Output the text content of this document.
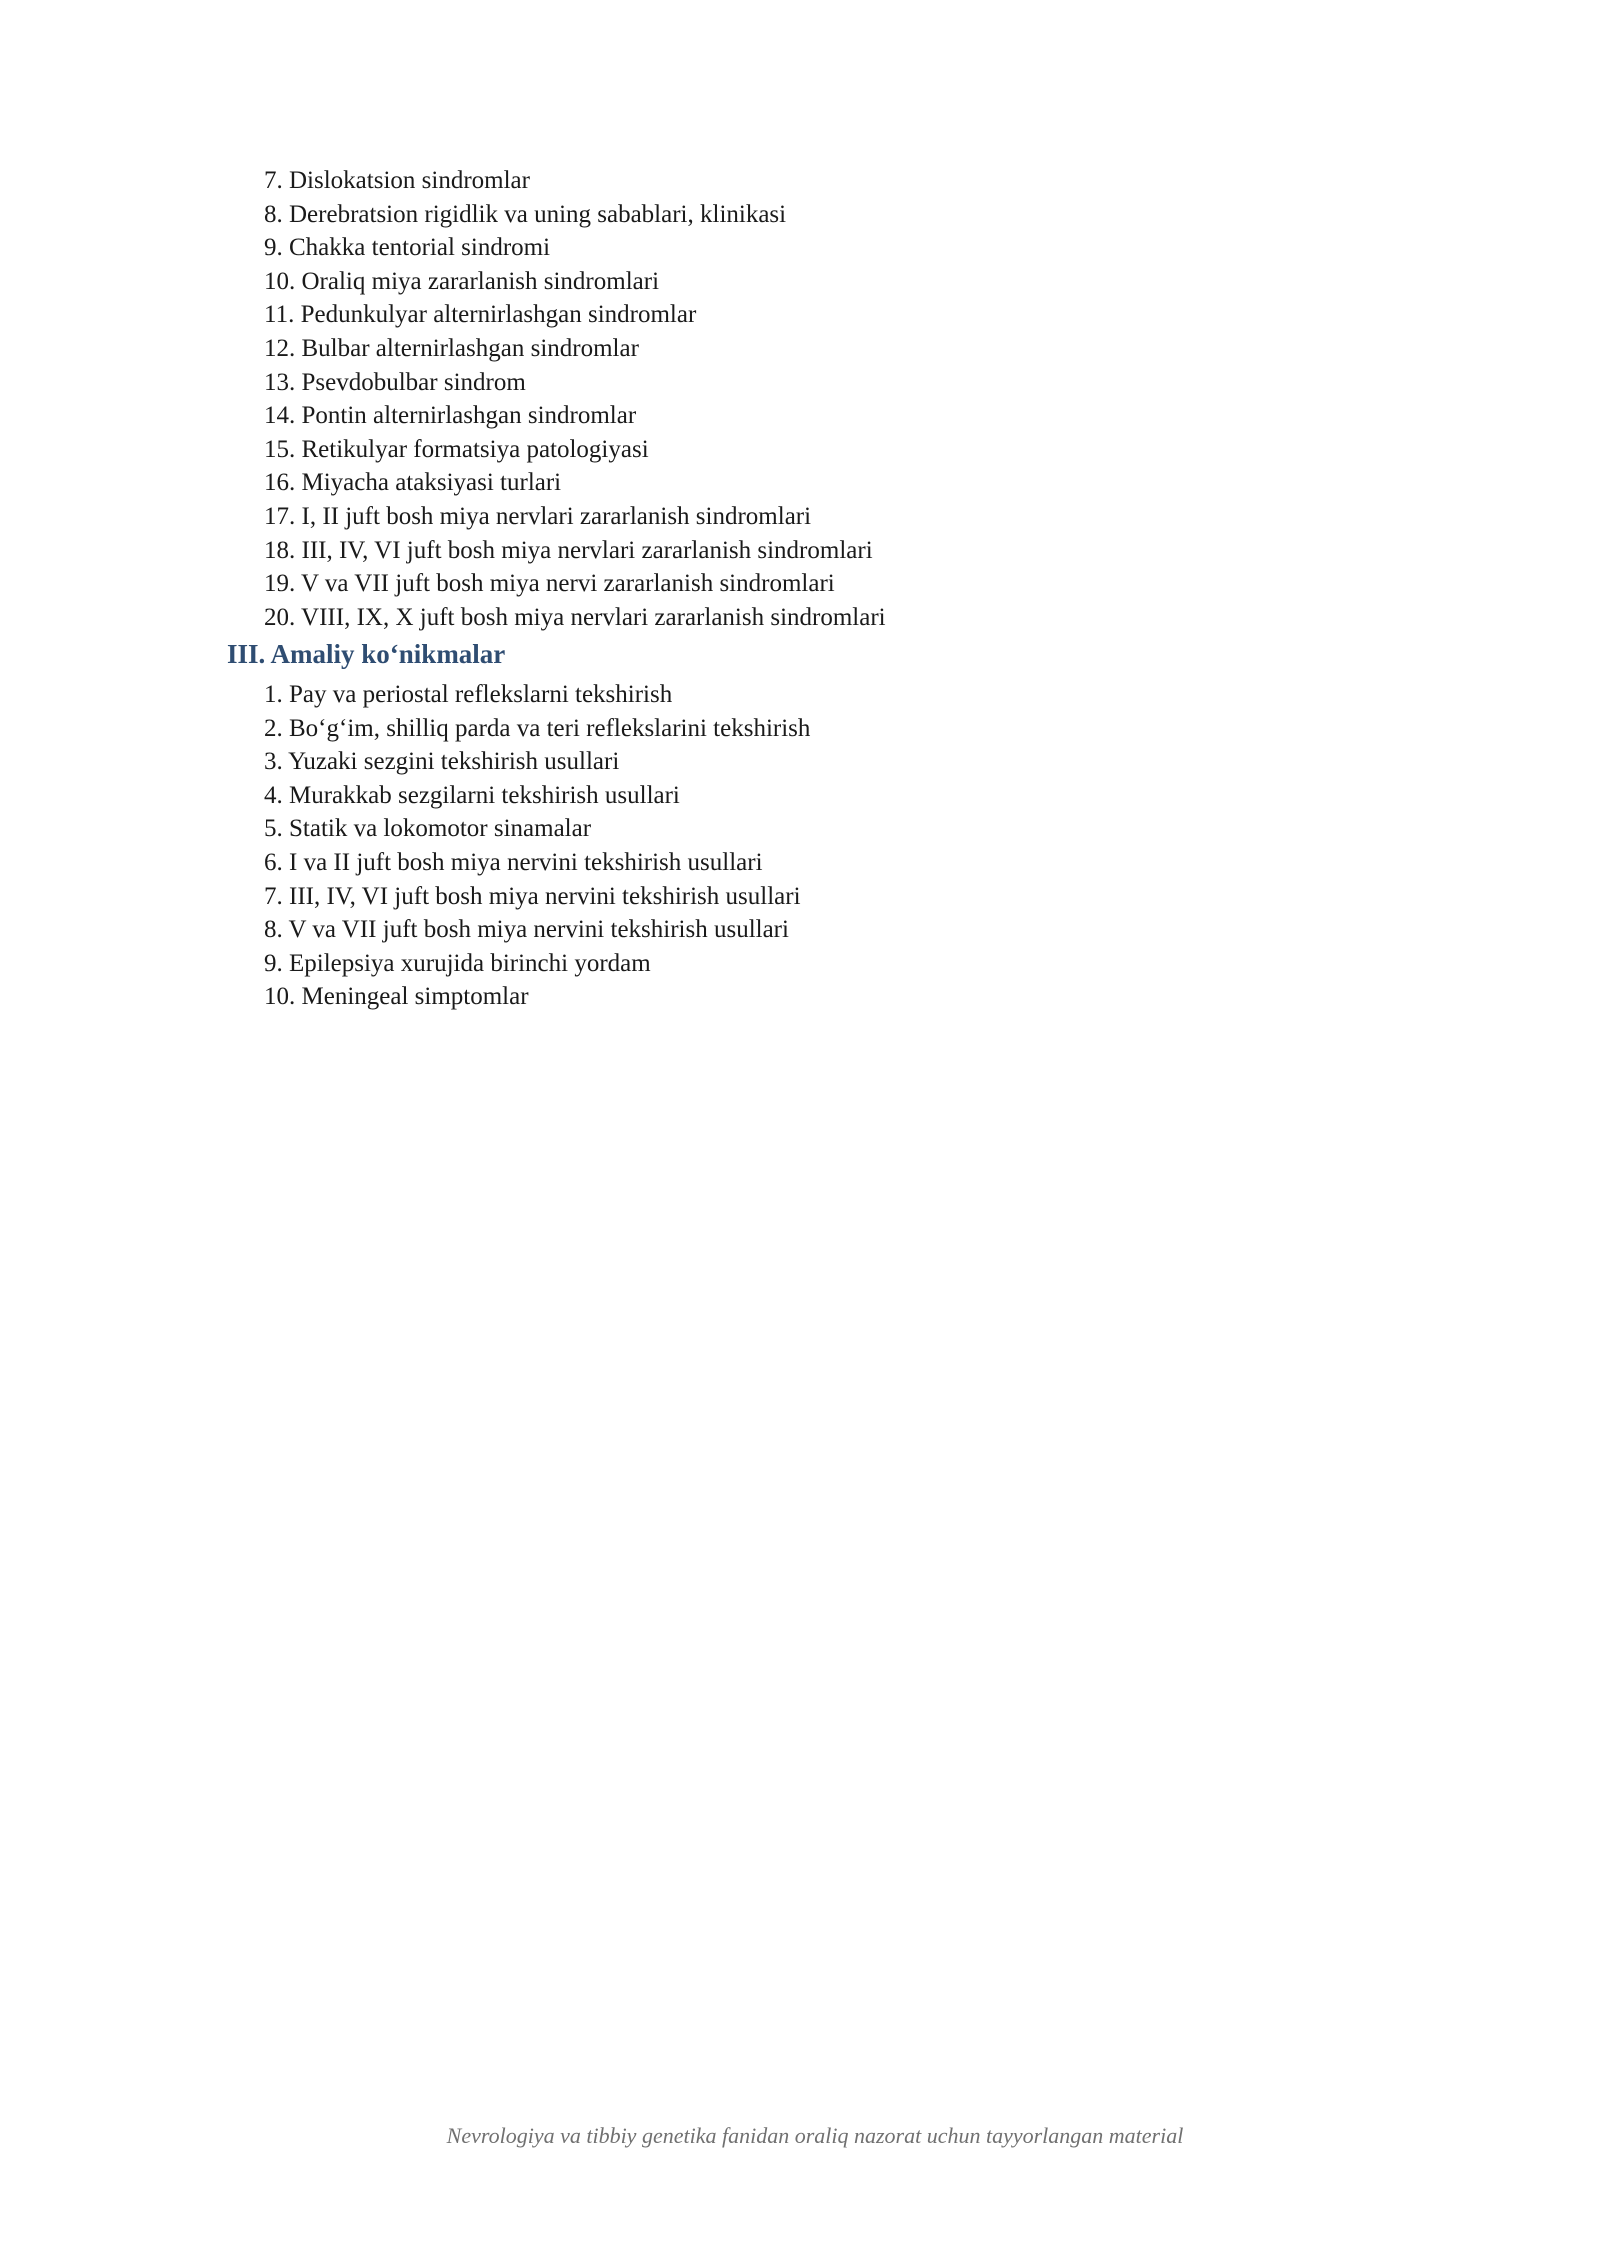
7. Dislokatsion sindromlar
8. Derebratsion rigidlik va uning sabablari, klinikasi
9. Chakka tentorial sindromi
10. Oraliq miya zararlanish sindromlari
11. Pedunkulyar alternirlashgan sindromlar
12. Bulbar alternirlashgan sindromlar
13. Psevdobulbar sindrom
14. Pontin alternirlashgan sindromlar
15. Retikulyar formatsiya patologiyasi
16. Miyacha ataksiyasi turlari
17. I, II juft bosh miya nervlari zararlanish sindromlari
18. III, IV, VI juft bosh miya nervlari zararlanish sindromlari
19. V va VII juft bosh miya nervi zararlanish sindromlari
20. VIII, IX, X juft bosh miya nervlari zararlanish sindromlari
III. Amaliy ko‘nikmalar
1. Pay va periostal reflekslarni tekshirish
2. Bo‘g‘im, shilliq parda va teri reflekslarini tekshirish
3. Yuzaki sezgini tekshirish usullari
4. Murakkab sezgilarni tekshirish usullari
5. Statik va lokomotor sinamalar
6. I va II juft bosh miya nervini tekshirish usullari
7. III, IV, VI juft bosh miya nervini tekshirish usullari
8. V va VII juft bosh miya nervini tekshirish usullari
9. Epilepsiya xurujida birinchi yordam
10. Meningeal simptomlar
Nevrologiya va tibbiy genetika fanidan oraliq nazorat uchun tayyorlangan material
